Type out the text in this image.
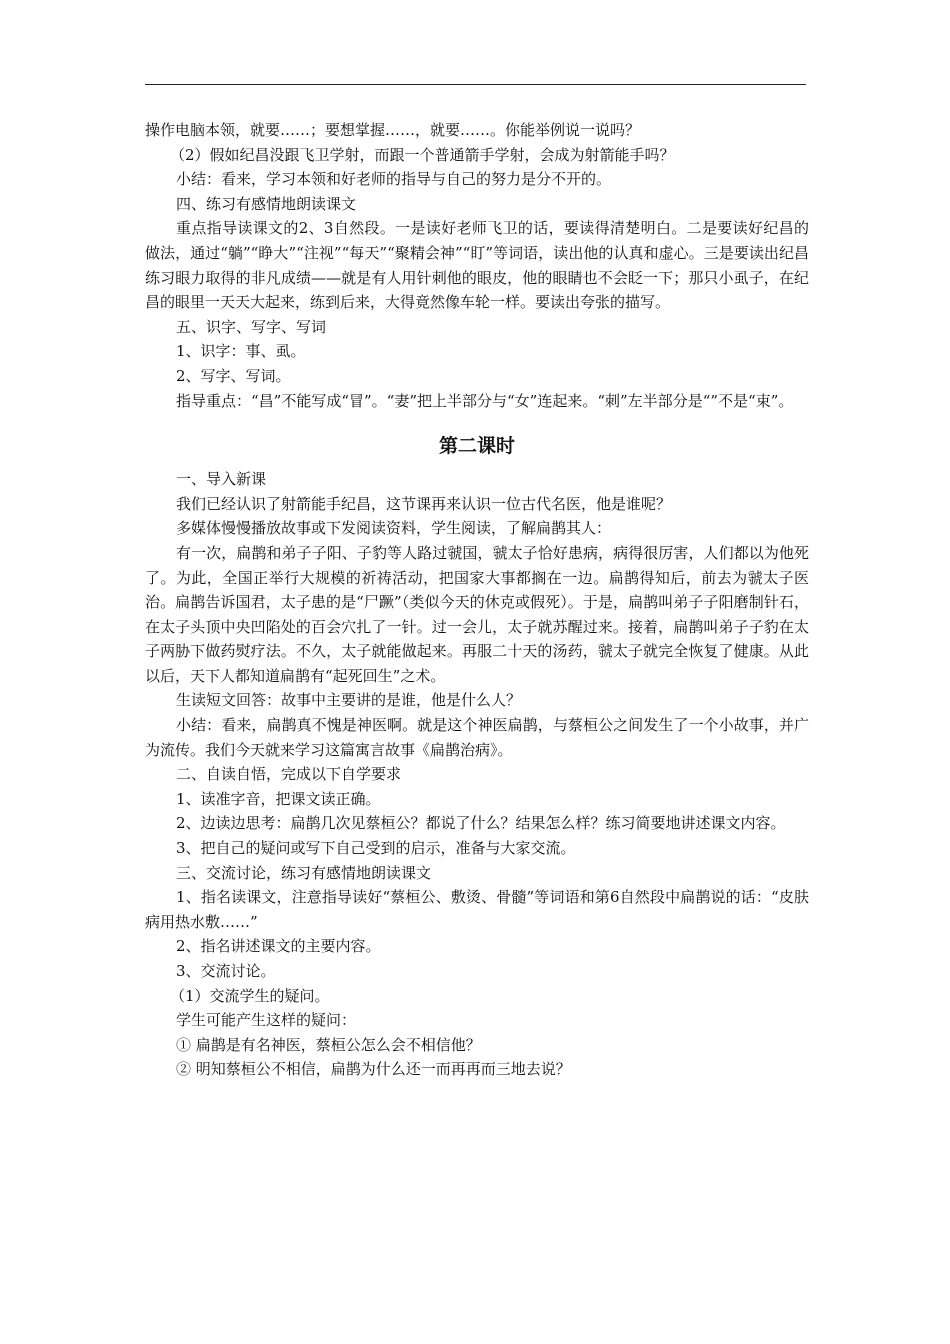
操作电脑本领，就要……；要想掌握……，就要……。你能举例说一说吗？

（2）假如纪昌没跟飞卫学射，而跟一个普通箭手学射，会成为射箭能手吗？

小结：看来，学习本领和好老师的指导与自己的努力是分不开的。

四、练习有感情地朗读课文

重点指导读课文的2、3自然段。一是读好老师飞卫的话，要读得清楚明白。二是要读好纪昌的做法，通过“躺”“睁大”“注视”“每天”“聚精会神”“盯”等词语，读出他的认真和虚心。三是要读出纪昌练习眼力取得的非凡成绩——就是有人用针刺他的眼皮，他的眼睛也不会眨一下；那只小虱子，在纪昌的眼里一天天大起来，练到后来，大得竟然像车轮一样。要读出夸张的描写。

五、识字、写字、写词

1、识字：事、虱。

2、写字、写词。

指导重点：“昌”不能写成“冒”。“妻”把上半部分与“女”连起来。“刺”左半部分是“”不是“束”。

第二课时

一、导入新课

我们已经认识了射箭能手纪昌，这节课再来认识一位古代名医，他是谁呢？

多媒体慢慢播放故事或下发阅读资料，学生阅读，了解扁鹊其人：

有一次，扁鹊和弟子子阳、子豹等人路过虢国，虢太子恰好患病，病得很厉害，人们都以为他死了。为此，全国正举行大规模的祈祷活动，把国家大事都搁在一边。扁鹊得知后，前去为虢太子医治。扁鹊告诉国君，太子患的是“尸蹶”（类似今天的休克或假死）。于是，扁鹊叫弟子子阳磨制针石，在太子头顶中央凹陷处的百会穴扎了一针。过一会儿，太子就苏醒过来。接着，扁鹊叫弟子子豹在太子两胁下做药熨疗法。不久，太子就能做起来。再服二十天的汤药，虢太子就完全恢复了健康。从此以后，天下人都知道扁鹊有“起死回生”之术。

生读短文回答：故事中主要讲的是谁，他是什么人？

小结：看来，扁鹊真不愧是神医啊。就是这个神医扁鹊，与蔡桓公之间发生了一个小故事，并广为流传。我们今天就来学习这篇寓言故事《扁鹊治病》。

二、自读自悟，完成以下自学要求

1、读准字音，把课文读正确。

2、边读边思考：扁鹊几次见蔡桓公？都说了什么？结果怎么样？练习简要地讲述课文内容。

3、把自己的疑问或写下自己受到的启示，准备与大家交流。

三、交流讨论，练习有感情地朗读课文

1、指名读课文，注意指导读好“蔡桓公、敷烫、骨髓”等词语和第6自然段中扁鹊说的话：“皮肤病用热水敷……”

2、指名讲述课文的主要内容。

3、交流讨论。

（1）交流学生的疑问。

学生可能产生这样的疑问：

① 扁鹊是有名神医，蔡桓公怎么会不相信他？

② 明知蔡桓公不相信，扁鹊为什么还一而再再而三地去说？
